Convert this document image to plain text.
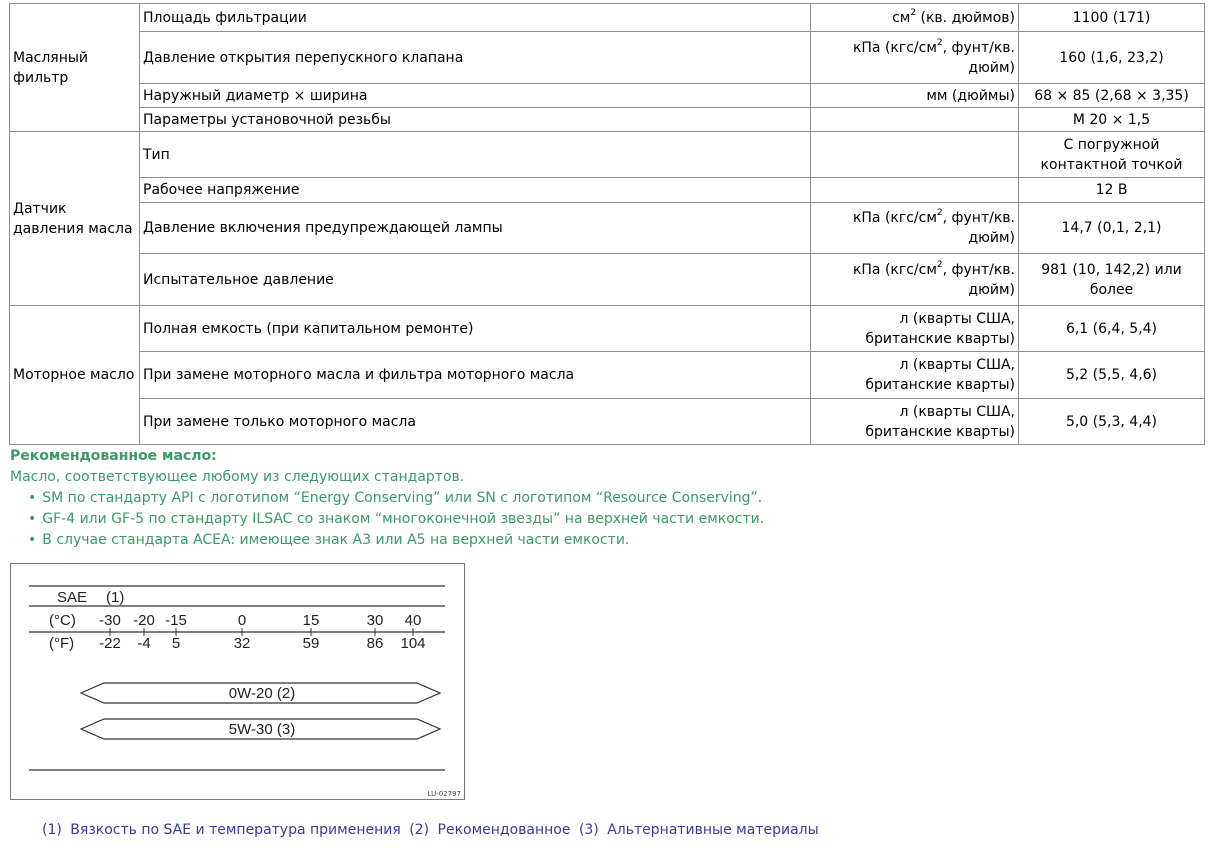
Масляный фильтр	Площадь фильтрации	$см^2$ (кв. дюймов)	1100 (171)
	Давление открытия перепускного клапана	кПа ($кгс/см^2$, фунт/кв. дюйм)	160 (1,6, 23,2)
	Наружный диаметр × ширина	мм (дюймы)	68 × 85 (2,68 × 3,35)
	Параметры установочной резьбы		M 20 × 1,5
Датчик давления масла	Тип		С погружной контактной точкой
	Рабочее напряжение		12 В
	Давление включения предупреждающей лампы	кПа ($кгс/см^2$, фунт/кв. дюйм)	14,7 (0,1, 2,1)
	Испытательное давление	кПа ($кгс/см^2$, фунт/кв. дюйм)	981 (10, 142,2) или более
Моторное масло	Полная емкость (при капитальном ремонте)	л (кварты США, британские кварты)	6,1 (6,4, 5,4)
	При замене моторного масла и фильтра моторного масла	л (кварты США, британские кварты)	5,2 (5,5, 4,6)
	При замене только моторного масла	л (кварты США, британские кварты)	5,0 (5,3, 4,4)
Рекомендованное масло:
Масло, соответствующее любому из следующих стандартов.
• SM по стандарту API с логотипом “Energy Conserving” или SN с логотипом “Resource Conserving”.
• GF-4 или GF-5 по стандарту ILSAC со знаком “многоконечной звезды” на верхней части емкости.
• В случае стандарта ACEA: имеющее знак A3 или A5 на верхней части емкости.
SAE (1)
(°C)
(°F)
-30 -20 -15	0	15	30 40
-22 -4 5	32	59	86 104
0W-20 (2)
5W-30 (3)
LU-02797
(1) Вязкость по SAE и температура применения (2) Рекомендованное (3) Альтернативные материалы
